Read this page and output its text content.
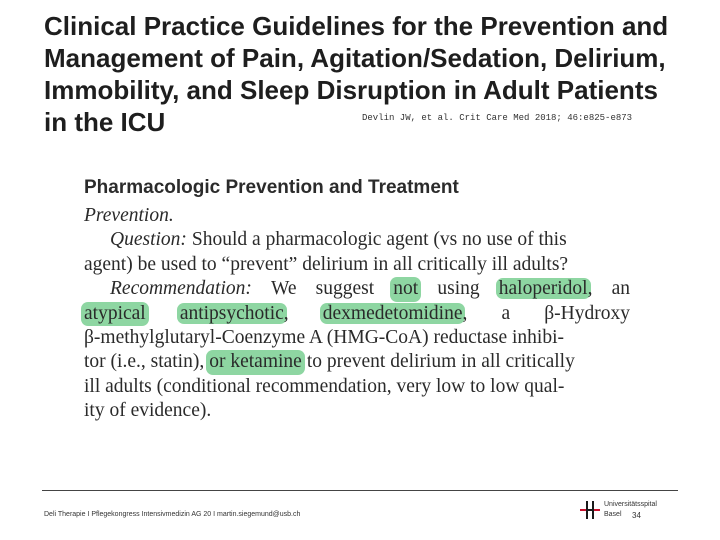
Clinical Practice Guidelines for the Prevention and Management of Pain, Agitation/Sedation, Delirium, Immobility, and Sleep Disruption in Adult Patients in the ICU	Devlin JW, et al. Crit Care Med 2018; 46:e825-e873
Pharmacologic Prevention and Treatment
Prevention.
Question: Should a pharmacologic agent (vs no use of this
agent) be used to “prevent” delirium in all critically ill adults?
Recommendation: We suggest not using haloperidol, an
atypical antipsychotic, dexmedetomidine, a β-Hydroxy
β-methylglutaryl-Coenzyme A (HMG-CoA) reductase inhibi-
tor (i.e., statin), or ketamine to prevent delirium in all critically
ill adults (conditional recommendation, very low to low qual-
ity of evidence).
Deli Therapie I Pflegekongress Intensivmedizin AG 20 I martin.siegemund@usb.ch
Universitätsspital
Basel	34
